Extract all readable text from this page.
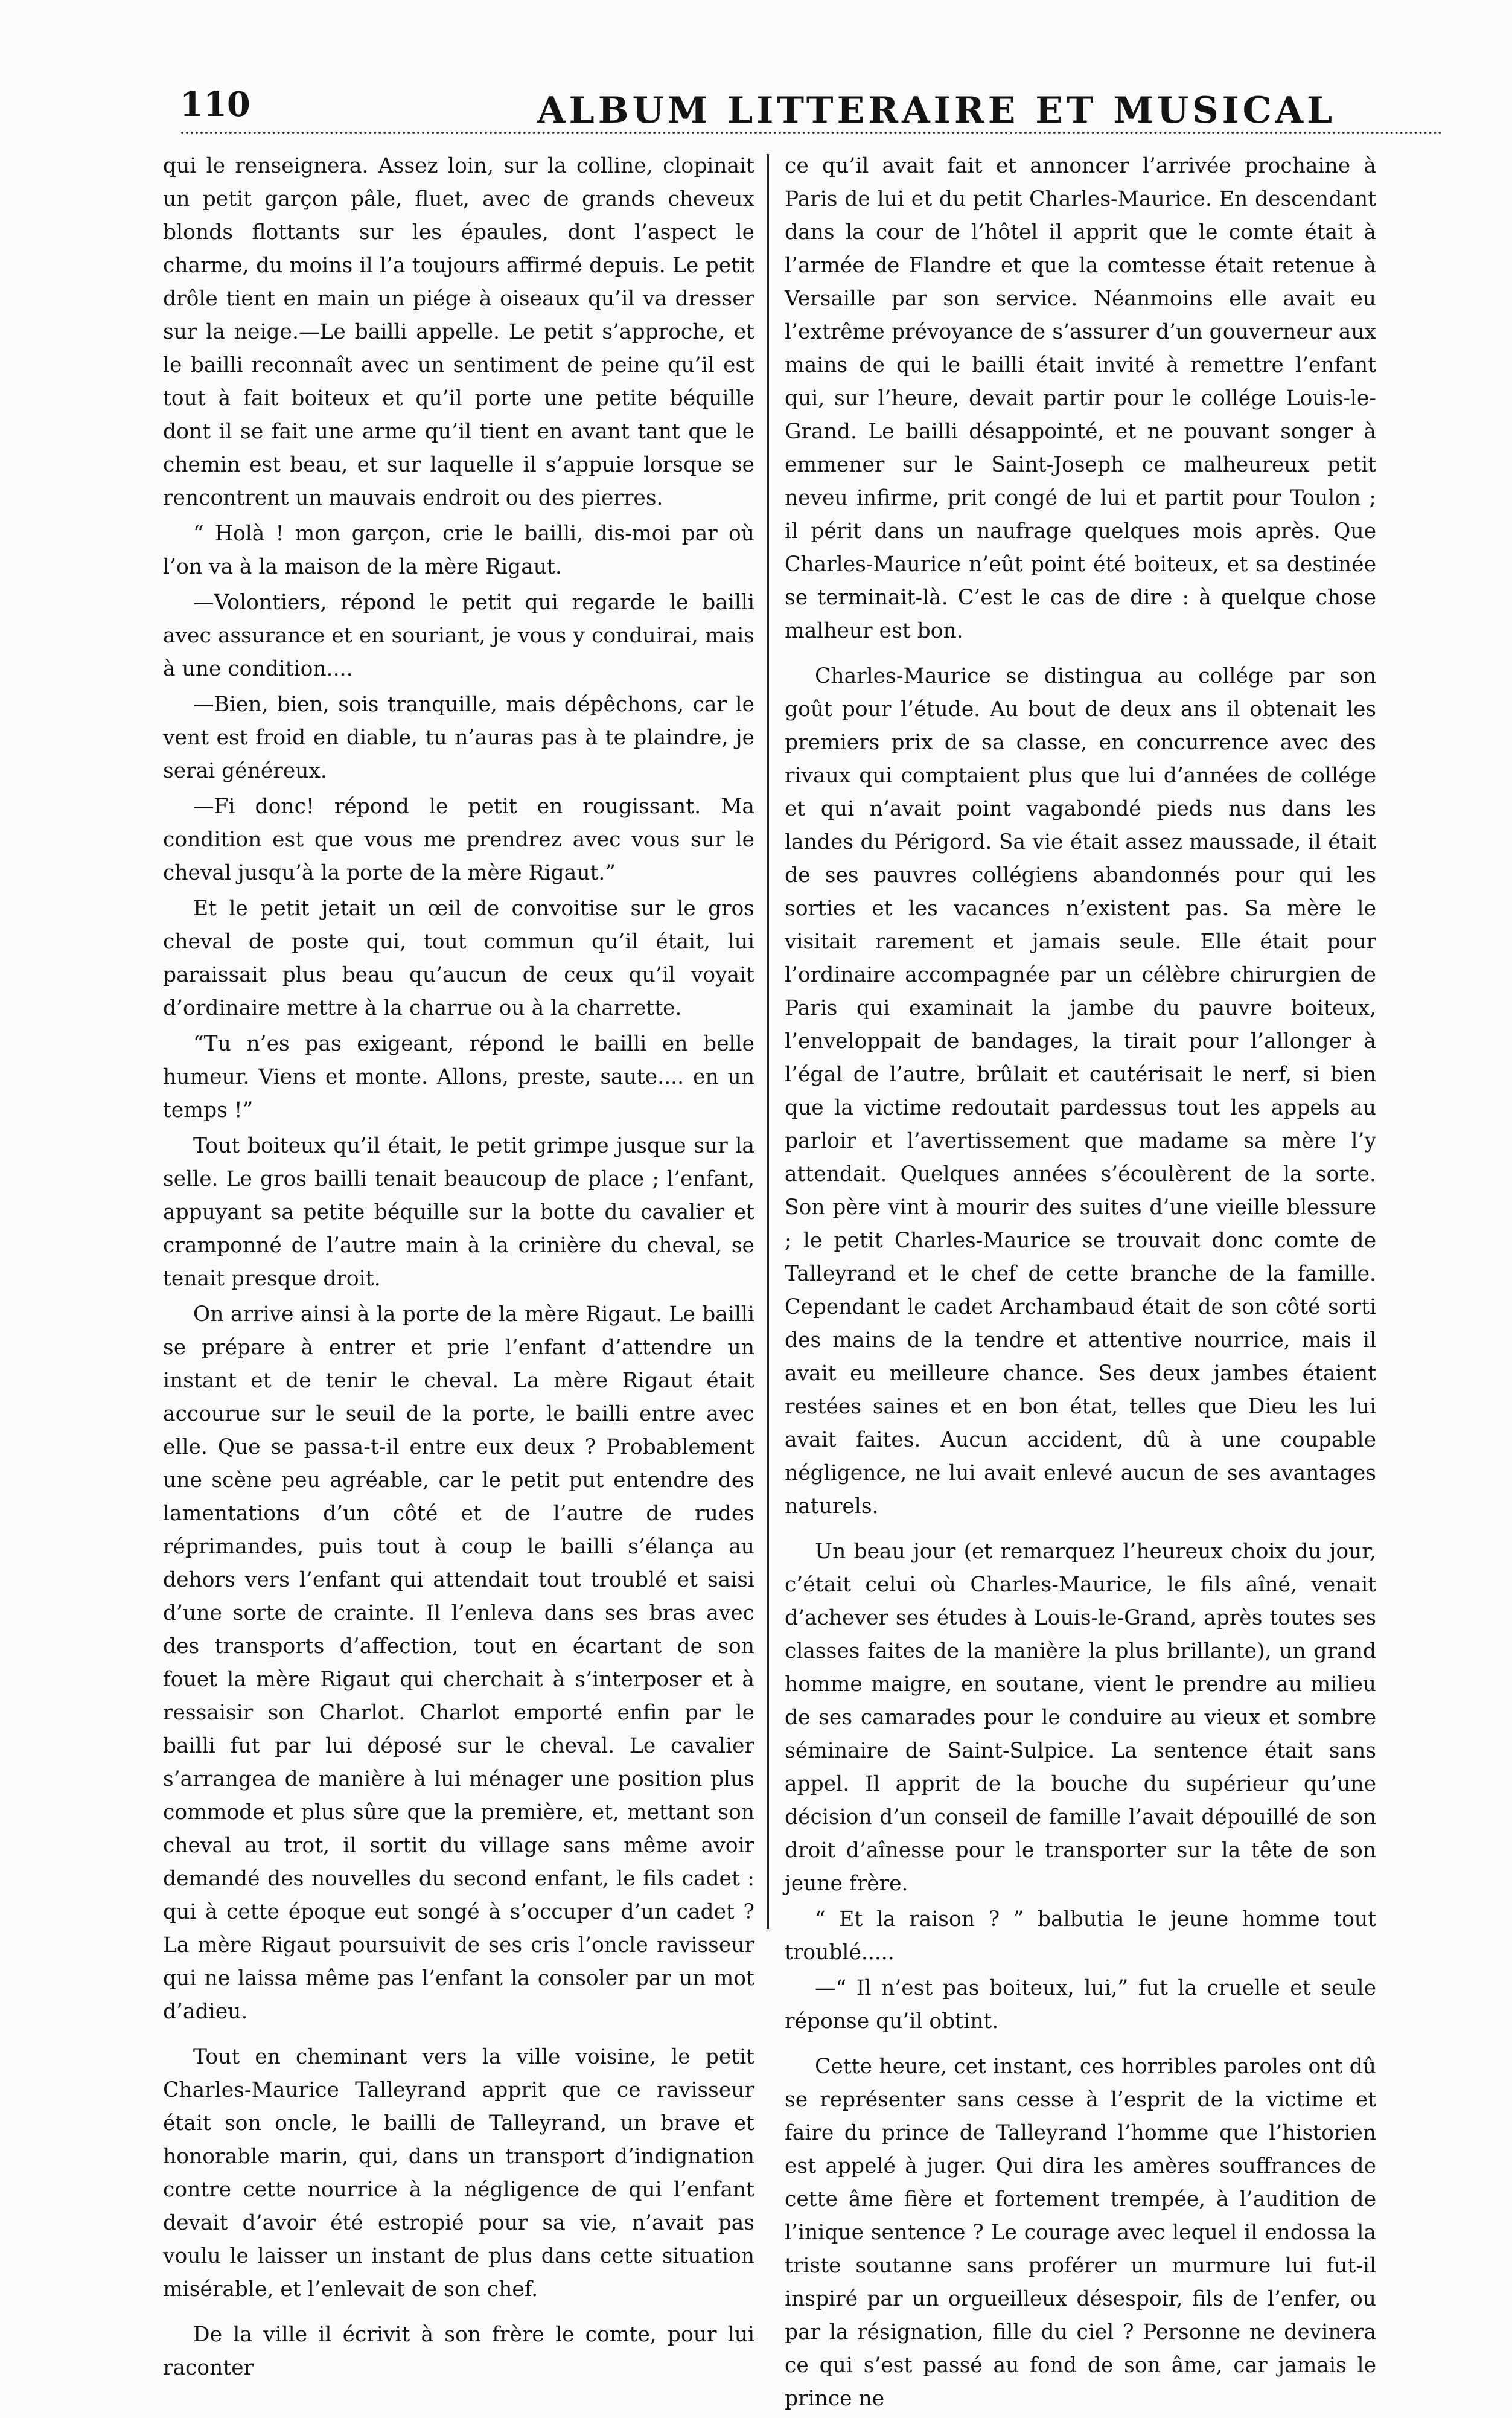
110	ALBUM LITTERAIRE ET MUSICAL

qui le renseignera. Assez loin, sur la colline, clopinait un petit garçon pâle, fluet, avec de grands cheveux blonds flottants sur les épaules, dont l’aspect le charme, du moins il l’a toujours affirmé depuis. Le petit drôle tient en main un piége à oiseaux qu’il va dresser sur la neige.—Le bailli appelle. Le petit s’approche, et le bailli reconnaît avec un sentiment de peine qu’il est tout à fait boiteux et qu’il porte une petite béquille dont il se fait une arme qu’il tient en avant tant que le chemin est beau, et sur laquelle il s’appuie lorsque se rencontrent un mauvais endroit ou des pierres.

“ Holà ! mon garçon, crie le bailli, dis-moi par où l’on va à la maison de la mère Rigaut.

—Volontiers, répond le petit qui regarde le bailli avec assurance et en souriant, je vous y conduirai, mais à une condition....

—Bien, bien, sois tranquille, mais dépêchons, car le vent est froid en diable, tu n’auras pas à te plaindre, je serai généreux.

—Fi donc! répond le petit en rougissant. Ma condition est que vous me prendrez avec vous sur le cheval jusqu’à la porte de la mère Rigaut.”

Et le petit jetait un œil de convoitise sur le gros cheval de poste qui, tout commun qu’il était, lui paraissait plus beau qu’aucun de ceux qu’il voyait d’ordinaire mettre à la charrue ou à la charrette.

“Tu n’es pas exigeant, répond le bailli en belle humeur. Viens et monte. Allons, preste, saute.... en un temps !”

Tout boiteux qu’il était, le petit grimpe jusque sur la selle. Le gros bailli tenait beaucoup de place ; l’enfant, appuyant sa petite béquille sur la botte du cavalier et cramponné de l’autre main à la crinière du cheval, se tenait presque droit.

On arrive ainsi à la porte de la mère Rigaut. Le bailli se prépare à entrer et prie l’enfant d’attendre un instant et de tenir le cheval. La mère Rigaut était accourue sur le seuil de la porte, le bailli entre avec elle. Que se passa-t-il entre eux deux ? Probablement une scène peu agréable, car le petit put entendre des lamentations d’un côté et de l’autre de rudes réprimandes, puis tout à coup le bailli s’élança au dehors vers l’enfant qui attendait tout troublé et saisi d’une sorte de crainte. Il l’enleva dans ses bras avec des transports d’affection, tout en écartant de son fouet la mère Rigaut qui cherchait à s’interposer et à ressaisir son Charlot. Charlot emporté enfin par le bailli fut par lui déposé sur le cheval. Le cavalier s’arrangea de manière à lui ménager une position plus commode et plus sûre que la première, et, mettant son cheval au trot, il sortit du village sans même avoir demandé des nouvelles du second enfant, le fils cadet : qui à cette époque eut songé à s’occuper d’un cadet ? La mère Rigaut poursuivit de ses cris l’oncle ravisseur qui ne laissa même pas l’enfant la consoler par un mot d’adieu.

Tout en cheminant vers la ville voisine, le petit Charles-Maurice Talleyrand apprit que ce ravisseur était son oncle, le bailli de Talleyrand, un brave et honorable marin, qui, dans un transport d’indignation contre cette nourrice à la négligence de qui l’enfant devait d’avoir été estropié pour sa vie, n’avait pas voulu le laisser un instant de plus dans cette situation misérable, et l’enlevait de son chef.

De la ville il écrivit à son frère le comte, pour lui raconter

ce qu’il avait fait et annoncer l’arrivée prochaine à Paris de lui et du petit Charles-Maurice. En descendant dans la cour de l’hôtel il apprit que le comte était à l’armée de Flandre et que la comtesse était retenue à Versaille par son service. Néanmoins elle avait eu l’extrême prévoyance de s’assurer d’un gouverneur aux mains de qui le bailli était invité à remettre l’enfant qui, sur l’heure, devait partir pour le collége Louis-le-Grand. Le bailli désappointé, et ne pouvant songer à emmener sur le Saint-Joseph ce malheureux petit neveu infirme, prit congé de lui et partit pour Toulon ; il périt dans un naufrage quelques mois après. Que Charles-Maurice n’eût point été boiteux, et sa destinée se terminait-là. C’est le cas de dire : à quelque chose malheur est bon.

Charles-Maurice se distingua au collége par son goût pour l’étude. Au bout de deux ans il obtenait les premiers prix de sa classe, en concurrence avec des rivaux qui comptaient plus que lui d’années de collége et qui n’avait point vagabondé pieds nus dans les landes du Périgord. Sa vie était assez maussade, il était de ses pauvres collégiens abandonnés pour qui les sorties et les vacances n’existent pas. Sa mère le visitait rarement et jamais seule. Elle était pour l’ordinaire accompagnée par un célèbre chirurgien de Paris qui examinait la jambe du pauvre boiteux, l’enveloppait de bandages, la tirait pour l’allonger à l’égal de l’autre, brûlait et cautérisait le nerf, si bien que la victime redoutait pardessus tout les appels au parloir et l’avertissement que madame sa mère l’y attendait. Quelques années s’écoulèrent de la sorte. Son père vint à mourir des suites d’une vieille blessure ; le petit Charles-Maurice se trouvait donc comte de Talleyrand et le chef de cette branche de la famille. Cependant le cadet Archambaud était de son côté sorti des mains de la tendre et attentive nourrice, mais il avait eu meilleure chance. Ses deux jambes étaient restées saines et en bon état, telles que Dieu les lui avait faites. Aucun accident, dû à une coupable négligence, ne lui avait enlevé aucun de ses avantages naturels.

Un beau jour (et remarquez l’heureux choix du jour, c’était celui où Charles-Maurice, le fils aîné, venait d’achever ses études à Louis-le-Grand, après toutes ses classes faites de la manière la plus brillante), un grand homme maigre, en soutane, vient le prendre au milieu de ses camarades pour le conduire au vieux et sombre séminaire de Saint-Sulpice. La sentence était sans appel. Il apprit de la bouche du supérieur qu’une décision d’un conseil de famille l’avait dépouillé de son droit d’aînesse pour le transporter sur la tête de son jeune frère.

“ Et la raison ? ” balbutia le jeune homme tout troublé.....

—“ Il n’est pas boiteux, lui,” fut la cruelle et seule réponse qu’il obtint.

Cette heure, cet instant, ces horribles paroles ont dû se représenter sans cesse à l’esprit de la victime et faire du prince de Talleyrand l’homme que l’historien est appelé à juger. Qui dira les amères souffrances de cette âme fière et fortement trempée, à l’audition de l’inique sentence ? Le courage avec lequel il endossa la triste soutanne sans proférer un murmure lui fut-il inspiré par un orgueilleux désespoir, fils de l’enfer, ou par la résignation, fille du ciel ? Personne ne devinera ce qui s’est passé au fond de son âme, car jamais le prince ne
